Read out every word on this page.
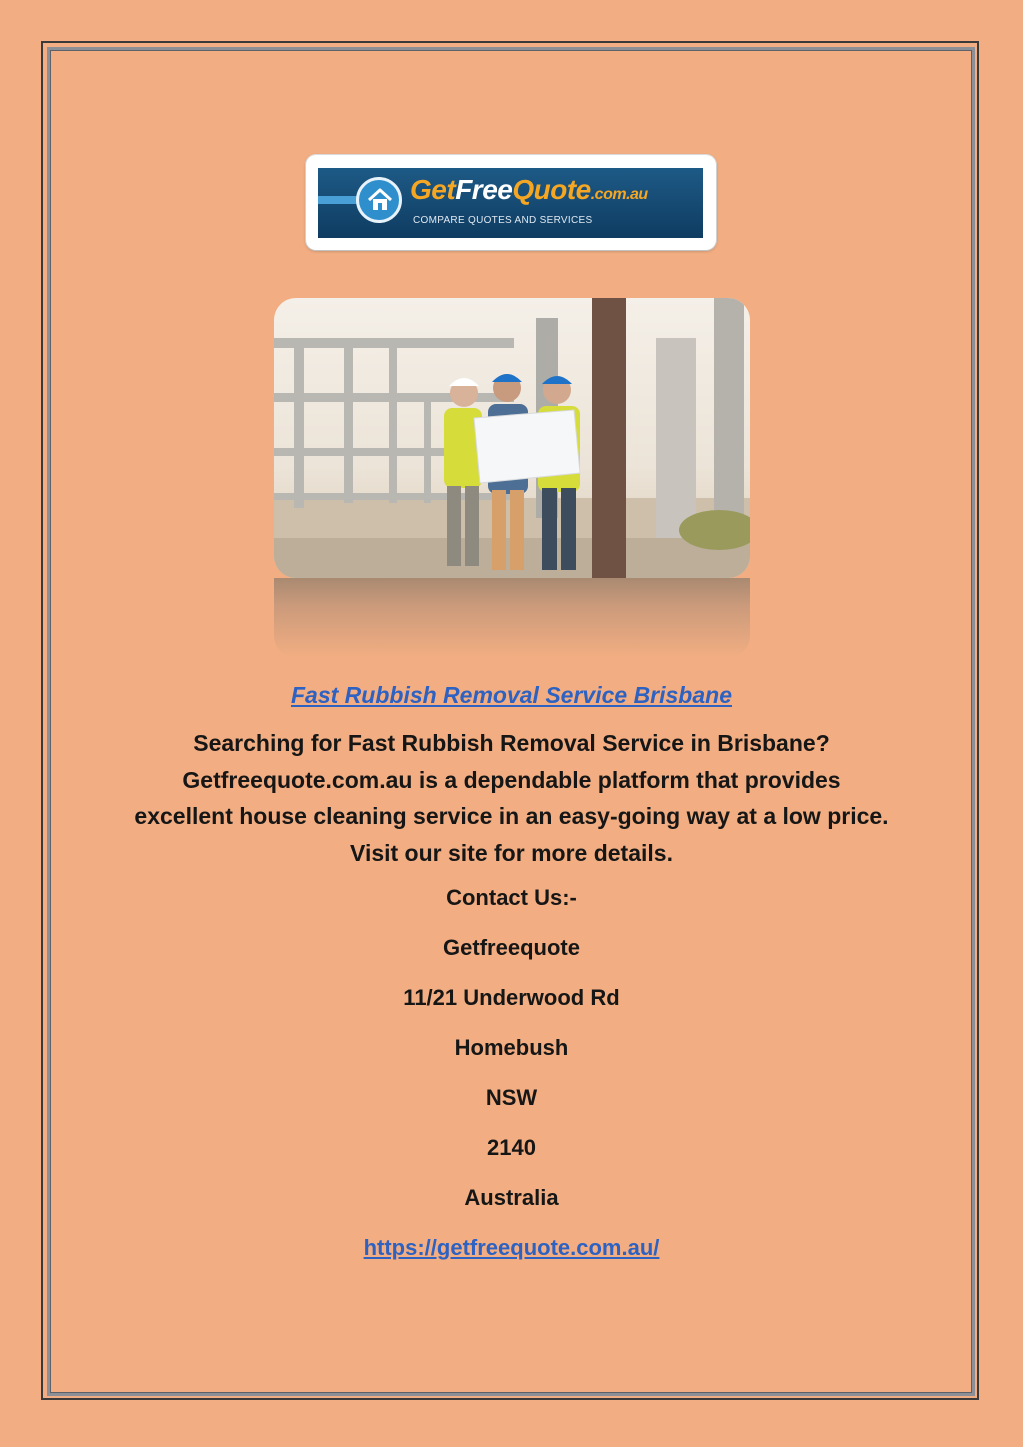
GetFreeQuote.com.au
COMPARE QUOTES AND SERVICES
Fast Rubbish Removal Service Brisbane

Searching for Fast Rubbish Removal Service in Brisbane? Getfreequote.com.au is a dependable platform that provides excellent house cleaning service in an easy-going way at a low price. Visit our site for more details.

Contact Us:-

Getfreequote

11/21 Underwood Rd

Homebush

NSW

2140

Australia

https://getfreequote.com.au/
